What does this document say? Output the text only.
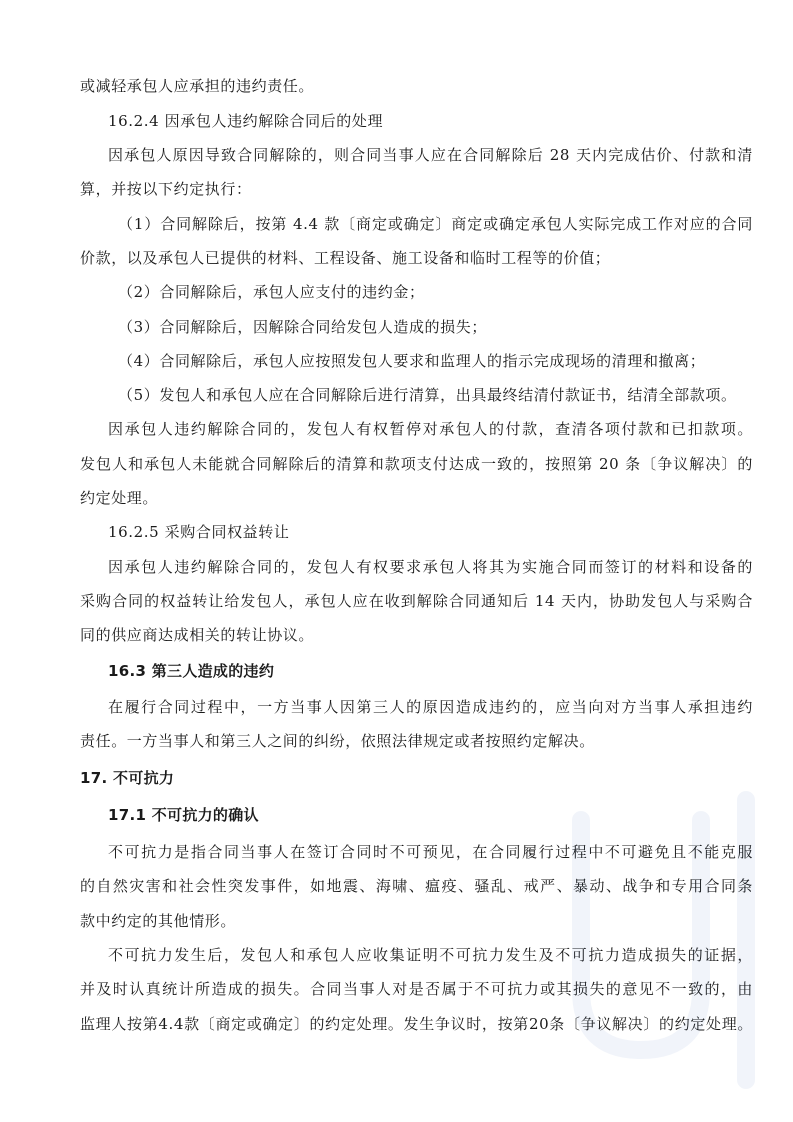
或减轻承包人应承担的违约责任。
16.2.4 因承包人违约解除合同后的处理
因承包人原因导致合同解除的，则合同当事人应在合同解除后 28 天内完成估价、付款和清
算，并按以下约定执行：
（1）合同解除后，按第 4.4 款〔商定或确定〕商定或确定承包人实际完成工作对应的合同
价款，以及承包人已提供的材料、工程设备、施工设备和临时工程等的价值；
（2）合同解除后，承包人应支付的违约金；
（3）合同解除后，因解除合同给发包人造成的损失；
（4）合同解除后，承包人应按照发包人要求和监理人的指示完成现场的清理和撤离；
（5）发包人和承包人应在合同解除后进行清算，出具最终结清付款证书，结清全部款项。
因承包人违约解除合同的，发包人有权暂停对承包人的付款，查清各项付款和已扣款项。
发包人和承包人未能就合同解除后的清算和款项支付达成一致的，按照第 20 条〔争议解决〕的
约定处理。
16.2.5 采购合同权益转让
因承包人违约解除合同的，发包人有权要求承包人将其为实施合同而签订的材料和设备的
采购合同的权益转让给发包人，承包人应在收到解除合同通知后 14 天内，协助发包人与采购合
同的供应商达成相关的转让协议。
16.3 第三人造成的违约
在履行合同过程中，一方当事人因第三人的原因造成违约的，应当向对方当事人承担违约
责任。一方当事人和第三人之间的纠纷，依照法律规定或者按照约定解决。
17. 不可抗力
17.1 不可抗力的确认
不可抗力是指合同当事人在签订合同时不可预见，在合同履行过程中不可避免且不能克服
的自然灾害和社会性突发事件，如地震、海啸、瘟疫、骚乱、戒严、暴动、战争和专用合同条
款中约定的其他情形。
不可抗力发生后，发包人和承包人应收集证明不可抗力发生及不可抗力造成损失的证据，
并及时认真统计所造成的损失。合同当事人对是否属于不可抗力或其损失的意见不一致的，由
监理人按第4.4款〔商定或确定〕的约定处理。发生争议时，按第20条〔争议解决〕的约定处理。
